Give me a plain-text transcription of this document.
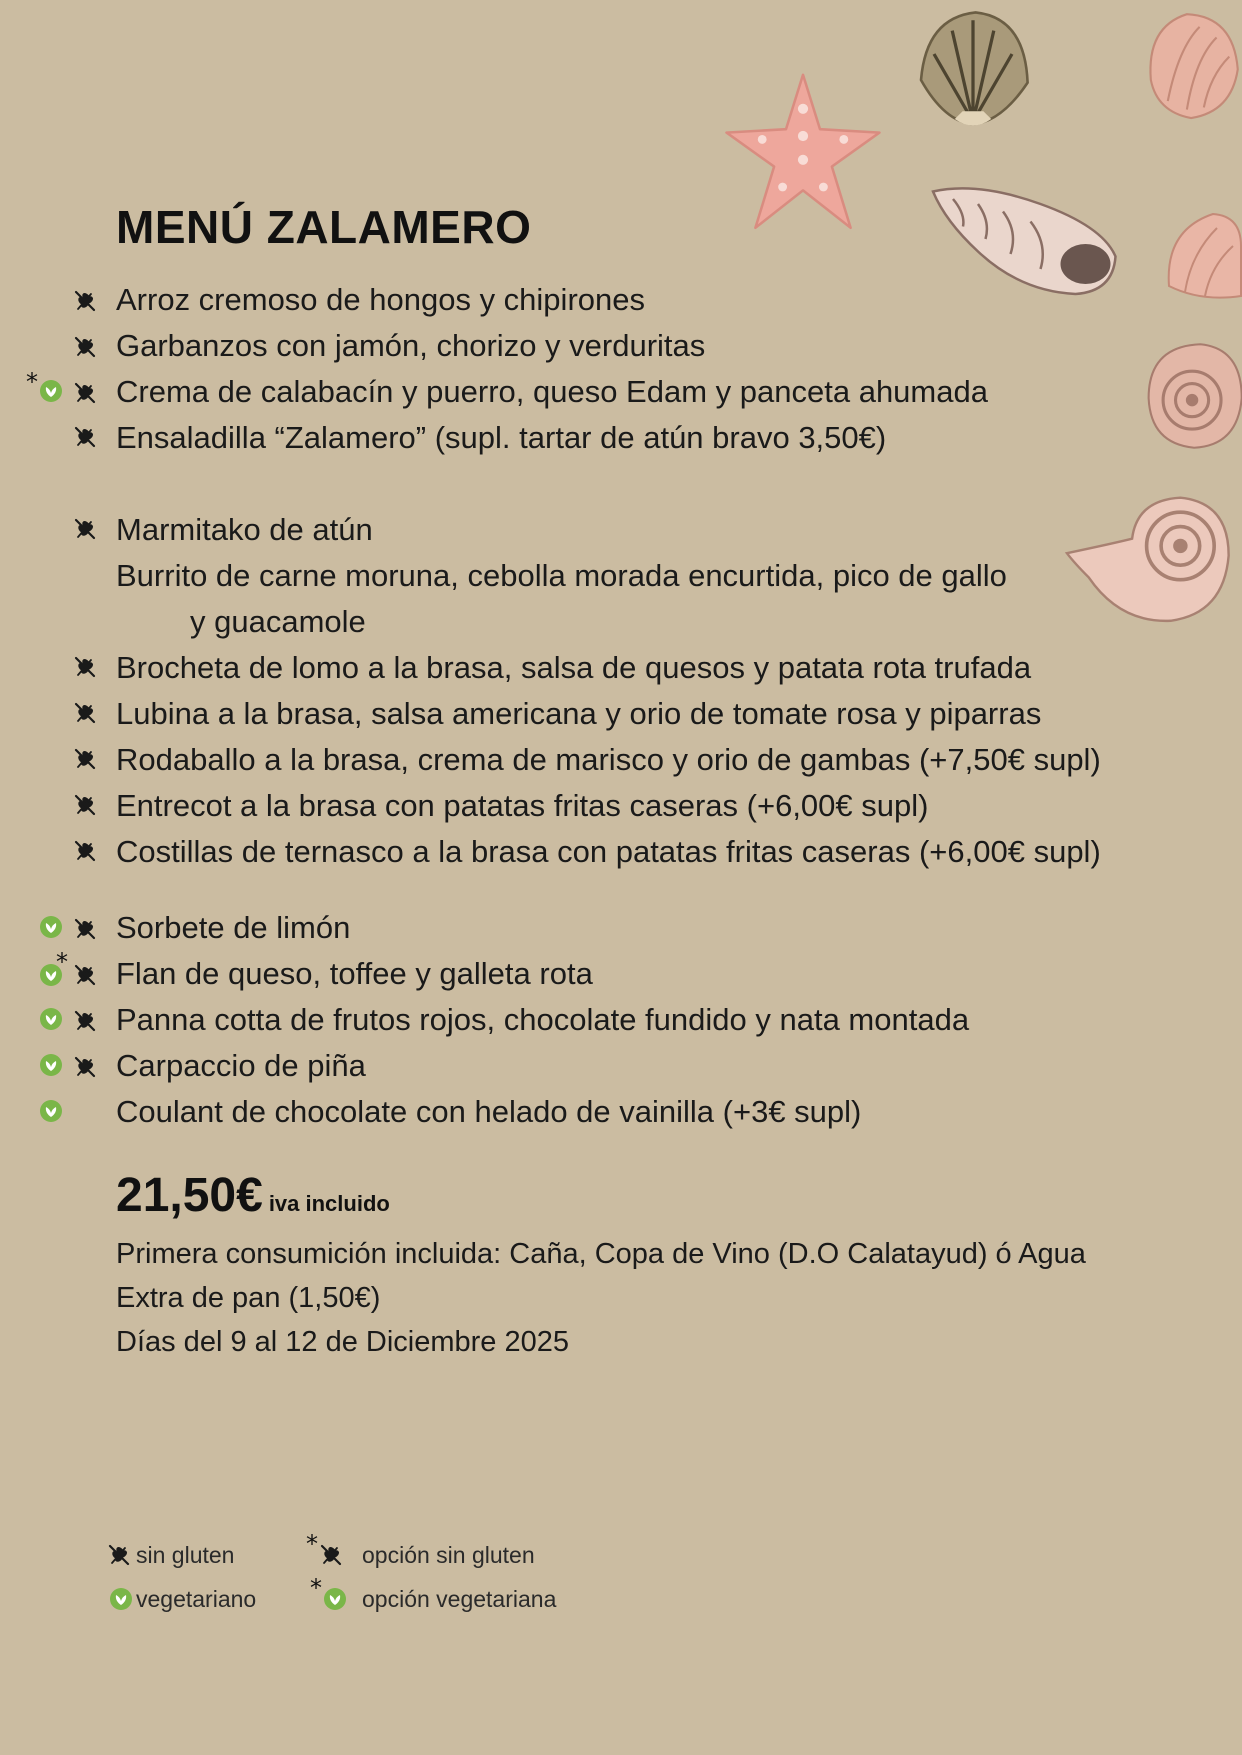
MENÚ ZALAMERO
Arroz cremoso de hongos y chipirones
Garbanzos con jamón, chorizo y verduritas
*	Crema de calabacín y puerro, queso Edam y panceta ahumada
Ensaladilla “Zalamero” (supl. tartar de atún bravo 3,50€)
Marmitako de atún
Burrito de carne moruna, cebolla morada encurtida, pico de gallo
y guacamole
Brocheta de lomo a la brasa, salsa de quesos y patata rota trufada
Lubina a la brasa, salsa americana y orio de tomate rosa y piparras
Rodaballo a la brasa, crema de marisco y orio de gambas (+7,50€ supl)
Entrecot a la brasa con patatas fritas caseras (+6,00€ supl)
Costillas de ternasco a la brasa con patatas fritas caseras (+6,00€ supl)
Sorbete de limón
* Flan de queso, toffee y galleta rota
Panna cotta de frutos rojos, chocolate fundido y nata montada
Carpaccio de piña
Coulant de chocolate con helado de vainilla (+3€ supl)
21,50€ iva incluido
Primera consumición incluida: Caña, Copa de Vino (D.O Calatayud) ó Agua
Extra de pan (1,50€)
Días del 9 al 12 de Diciembre 2025
sin gluten	* opción sin gluten
vegetariano * opción vegetariana
